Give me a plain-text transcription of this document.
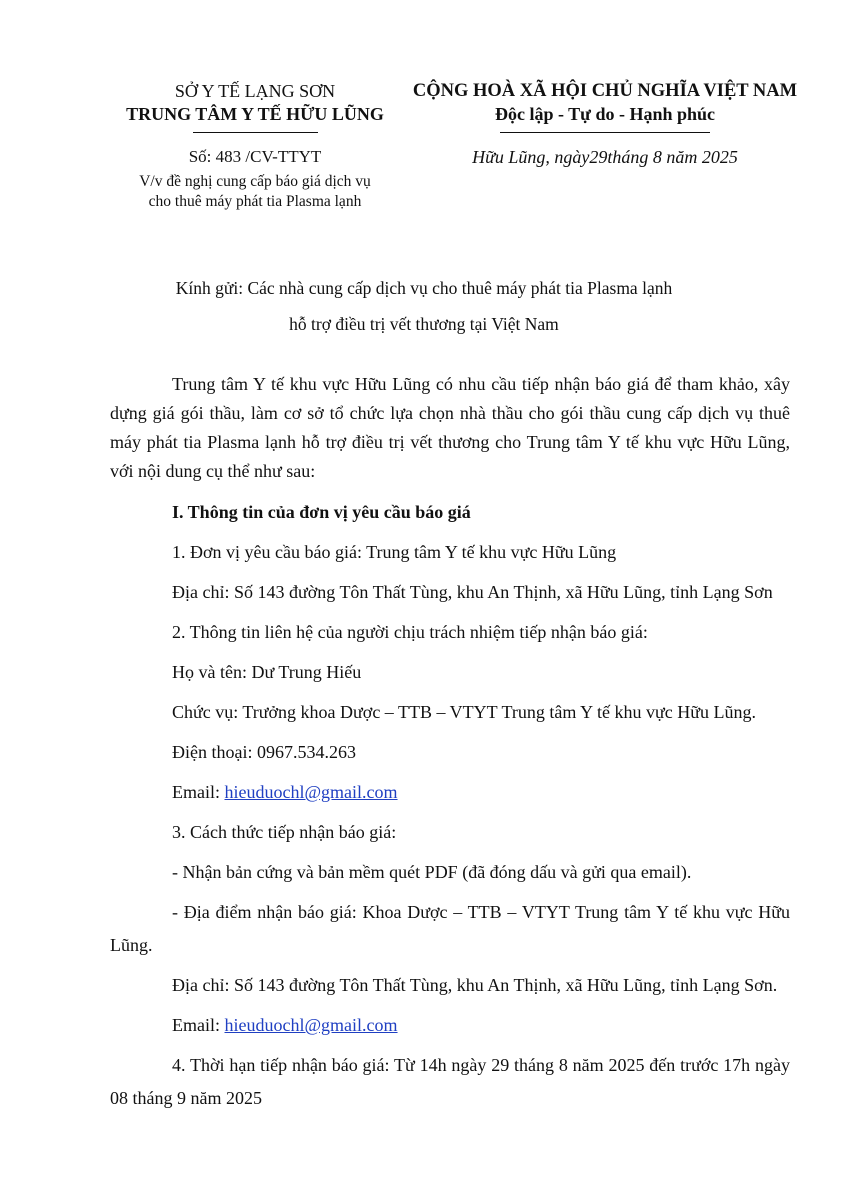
SỞ Y TẾ LẠNG SƠN
TRUNG TÂM Y TẾ HỮU LŨNG
CỘNG HOÀ XÃ HỘI CHỦ NGHĨA VIỆT NAM
Độc lập - Tự do - Hạnh phúc
Số: 483 /CV-TTYT
V/v đề nghị cung cấp báo giá dịch vụ
cho thuê máy phát tia Plasma lạnh
Hữu Lũng, ngày29tháng 8 năm 2025
Kính gửi: Các nhà cung cấp dịch vụ cho thuê máy phát tia Plasma lạnh
hỗ trợ điều trị vết thương tại Việt Nam

Trung tâm Y tế khu vực Hữu Lũng có nhu cầu tiếp nhận báo giá để tham khảo, xây dựng giá gói thầu, làm cơ sở tổ chức lựa chọn nhà thầu cho gói thầu cung cấp dịch vụ thuê máy phát tia Plasma lạnh hỗ trợ điều trị vết thương cho Trung tâm Y tế khu vực Hữu Lũng, với nội dung cụ thể như sau:

I. Thông tin của đơn vị yêu cầu báo giá

1. Đơn vị yêu cầu báo giá: Trung tâm Y tế khu vực Hữu Lũng

Địa chỉ: Số 143 đường Tôn Thất Tùng, khu An Thịnh, xã Hữu Lũng, tỉnh Lạng Sơn

2. Thông tin liên hệ của người chịu trách nhiệm tiếp nhận báo giá:

Họ và tên: Dư Trung Hiếu

Chức vụ: Trưởng khoa Dược – TTB – VTYT Trung tâm Y tế khu vực Hữu Lũng.

Điện thoại: 0967.534.263

Email: hieuduochl@gmail.com

3. Cách thức tiếp nhận báo giá:

- Nhận bản cứng và bản mềm quét PDF (đã đóng dấu và gửi qua email).

- Địa điểm nhận báo giá: Khoa Dược – TTB – VTYT Trung tâm Y tế khu vực Hữu Lũng.

Địa chỉ: Số 143 đường Tôn Thất Tùng, khu An Thịnh, xã Hữu Lũng, tỉnh Lạng Sơn.

Email: hieuduochl@gmail.com

4. Thời hạn tiếp nhận báo giá: Từ 14h ngày 29 tháng 8 năm 2025 đến trước 17h ngày 08 tháng 9 năm 2025
